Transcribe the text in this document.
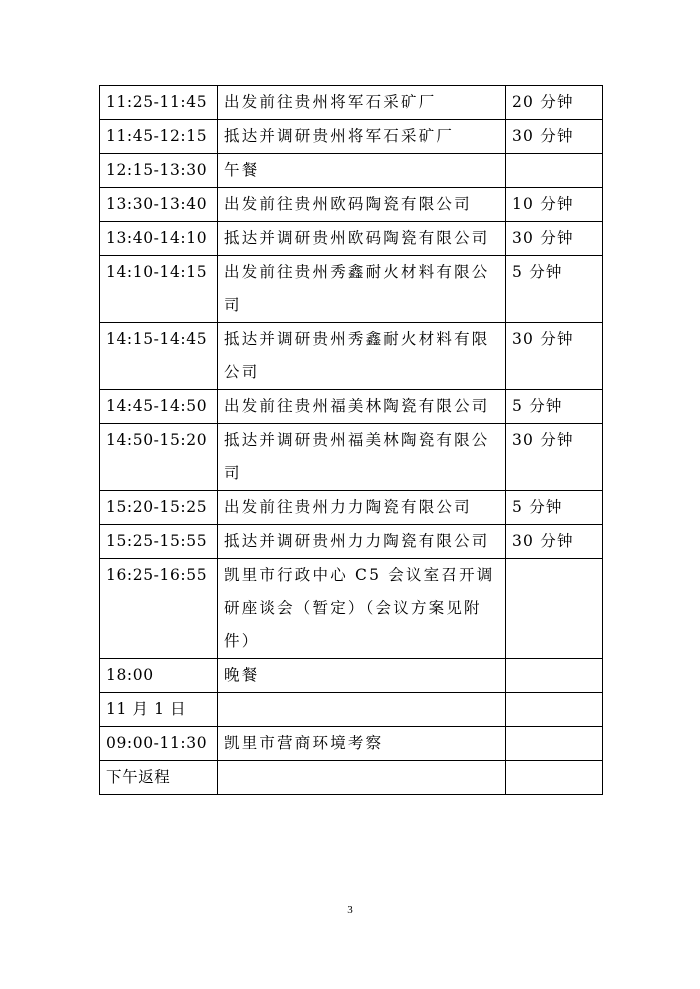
11:25-11:45	出发前往贵州将军石采矿厂	20 分钟
11:45-12:15	抵达并调研贵州将军石采矿厂	30 分钟
12:15-13:30	午餐	
13:30-13:40	出发前往贵州欧码陶瓷有限公司	10 分钟
13:40-14:10	抵达并调研贵州欧码陶瓷有限公司	30 分钟
14:10-14:15	出发前往贵州秀鑫耐火材料有限公司	5 分钟
14:15-14:45	抵达并调研贵州秀鑫耐火材料有限公司	30 分钟
14:45-14:50	出发前往贵州福美林陶瓷有限公司	5 分钟
14:50-15:20	抵达并调研贵州福美林陶瓷有限公司	30 分钟
15:20-15:25	出发前往贵州力力陶瓷有限公司	5 分钟
15:25-15:55	抵达并调研贵州力力陶瓷有限公司	30 分钟
16:25-16:55	凯里市行政中心 C5 会议室召开调研座谈会（暂定）（会议方案见附件）	
18:00	晚餐	
11 月 1 日		
09:00-11:30	凯里市营商环境考察	
下午返程		
3
